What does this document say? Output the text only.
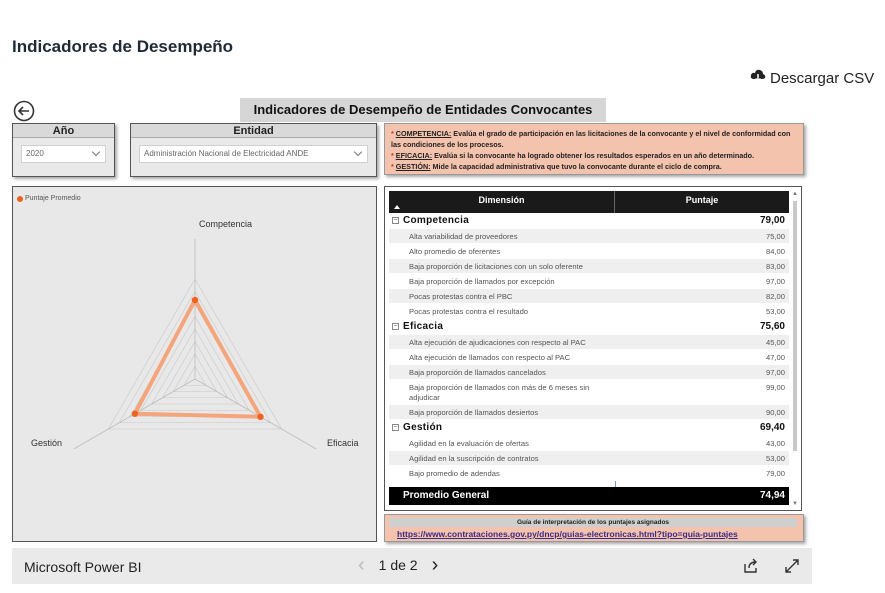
Indicadores de Desempeño
Descargar CSV
Indicadores de Desempeño de Entidades Convocantes
Año
2020
Entidad
Administración Nacional de Electricidad ANDE
* COMPETENCIA: Evalúa el grado de participación en las licitaciones de la convocante y el nivel de conformidad con las condiciones de los procesos.
* EFICACIA: Evalúa si la convocante ha logrado obtener los resultados esperados en un año determinado.
* GESTIÓN: Mide la capacidad administrativa que tuvo la convocante durante el ciclo de compra.
Puntaje Promedio
Competencia
Eficacia
Gestión
Dimensión	Puntaje
− Competencia	79,00
Alta variabilidad de proveedores	75,00
Alto promedio de oferentes	84,00
Baja proporción de licitaciones con un solo oferente	83,00
Baja proporción de llamados por excepción	97,00
Pocas protestas contra el PBC	82,00
Pocas protestas contra el resultado	53,00
− Eficacia	75,60
Alta ejecución de ajudicaciones con respecto al PAC	45,00
Alta ejecución de llamados con respecto al PAC	47,00
Baja proporción de llamados cancelados	97,00
Baja proporción de llamados con más de 6 meses sin adjudicar
99,00
Baja proporción de llamados desiertos	90,00
− Gestión	69,40
Agilidad en la evaluación de ofertas	43,00
Agilidad en la suscripción de contratos	53,00
Bajo promedio de adendas	79,00
Promedio General	74,94
▲
▼
Guía de interpretación de los puntajes asignados
https://www.contrataciones.gov.py/dncp/guias-electronicas.html?tipo=guia-puntajes
Microsoft Power BI	‹ 1 de 2 ›
